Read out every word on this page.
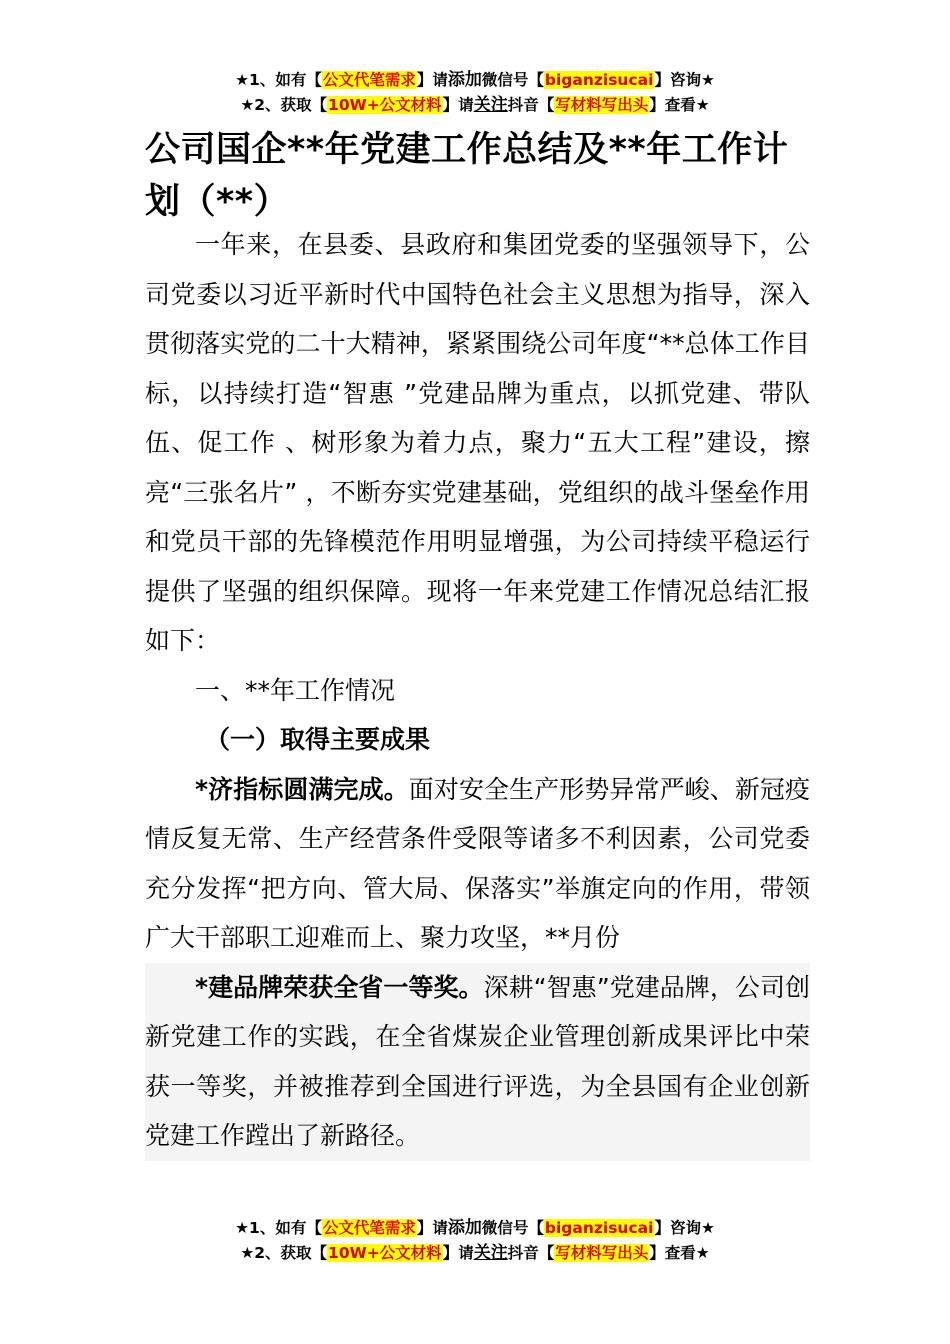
★1、如有【公文代笔需求】请添加微信号【biganzisucai】咨询★
★2、获取【10W+公文材料】请关注抖音【写材料写出头】查看★
公司国企**年党建工作总结及**年工作计划（**）

一年来，在县委、县政府和集团党委的坚强领导下，公司党委以习近平新时代中国特色社会主义思想为指导，深入贯彻落实党的二十大精神，紧紧围绕公司年度“**总体工作目标，以持续打造“智惠 ”党建品牌为重点，以抓党建、带队伍、促工作 、树形象为着力点，聚力“五大工程”建设，擦亮“三张名片” ，不断夯实党建基础，党组织的战斗堡垒作用和党员干部的先锋模范作用明显增强，为公司持续平稳运行提供了坚强的组织保障。现将一年来党建工作情况总结汇报如下：

一、**年工作情况

（一）取得主要成果

*济指标圆满完成。面对安全生产形势异常严峻、新冠疫情反复无常、生产经营条件受限等诸多不利因素，公司党委充分发挥“把方向、管大局、保落实”举旗定向的作用，带领广大干部职工迎难而上、聚力攻坚，**月份

*建品牌荣获全省一等奖。深耕“智惠”党建品牌，公司创新党建工作的实践，在全省煤炭企业管理创新成果评比中荣获一等奖，并被推荐到全国进行评选，为全县国有企业创新党建工作蹚出了新路径。

★1、如有【公文代笔需求】请添加微信号【biganzisucai】咨询★
★2、获取【10W+公文材料】请关注抖音【写材料写出头】查看★
